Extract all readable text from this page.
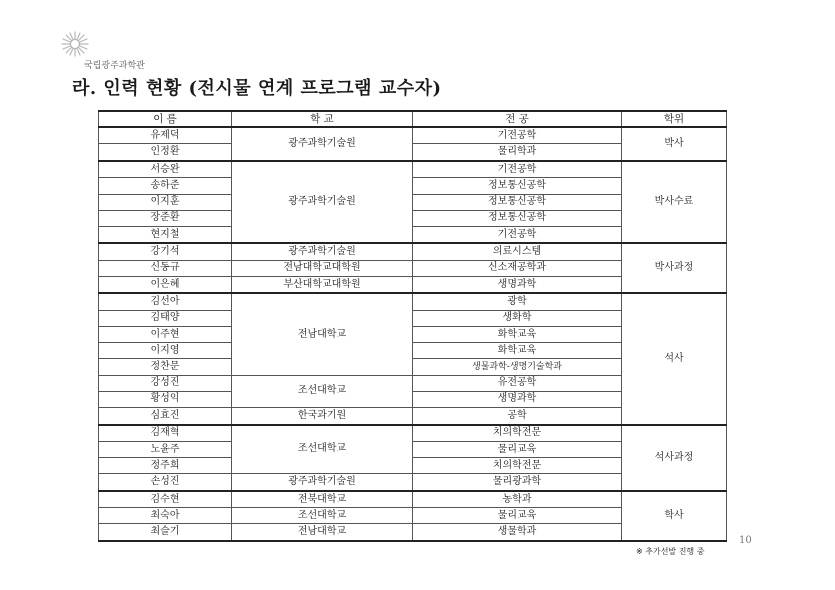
국립광주과학관
라. 인력 현황 (전시물 연계 프로그램 교수자)
이 름	학 교	전 공	학위
유제덕	광주과학기술원	기전공학	박사
인정환		물리학과	
서승완	광주과학기술원	기전공학	박사수료
송하준		정보통신공학	
이지훈		정보통신공학	
장준환		정보통신공학	
현지철		기전공학	
강기석	광주과학기술원	의료시스템	박사과정
신동규	전남대학교대학원	신소재공학과	
이은혜	부산대학교대학원	생명과학	
김선아	전남대학교	광학	석사
김태양		생화학	
이주현		화학교육	
이지영		화학교육	
정찬문		생물과학-생명기술학과	
강성진	조선대학교	유전공학	
황성익		생명과학	
심효진	한국과기원	공학	
김재혁	조선대학교	치의학전문	석사과정
노윤주		물리교육	
정주희		치의학전문	
손성진	광주과학기술원	물리광과학	
김수현	전북대학교	농학과	학사
최숙아	조선대학교	물리교육	
최슬기	전남대학교	생물학과	
10
※ 추가선발 진행 중
